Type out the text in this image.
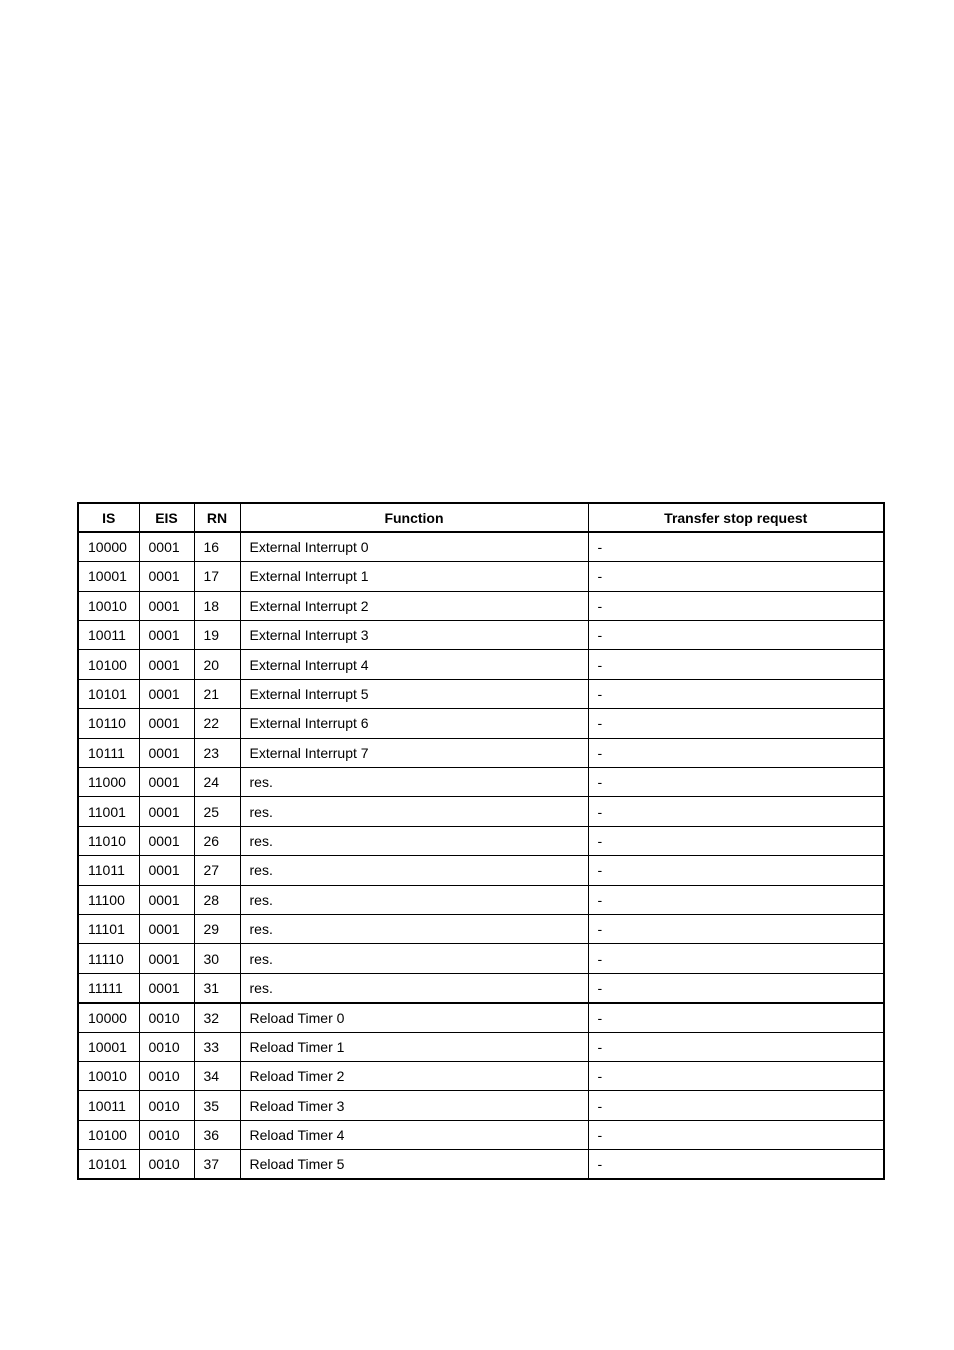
IS	EIS	RN	Function	Transfer stop request
10000	0001	16	External Interrupt 0	-
10001	0001	17	External Interrupt 1	-
10010	0001	18	External Interrupt 2	-
10011	0001	19	External Interrupt 3	-
10100	0001	20	External Interrupt 4	-
10101	0001	21	External Interrupt 5	-
10110	0001	22	External Interrupt 6	-
10111	0001	23	External Interrupt 7	-
11000	0001	24	res.	-
11001	0001	25	res.	-
11010	0001	26	res.	-
11011	0001	27	res.	-
11100	0001	28	res.	-
11101	0001	29	res.	-
11110	0001	30	res.	-
11111	0001	31	res.	-
10000	0010	32	Reload Timer 0	-
10001	0010	33	Reload Timer 1	-
10010	0010	34	Reload Timer 2	-
10011	0010	35	Reload Timer 3	-
10100	0010	36	Reload Timer 4	-
10101	0010	37	Reload Timer 5	-
